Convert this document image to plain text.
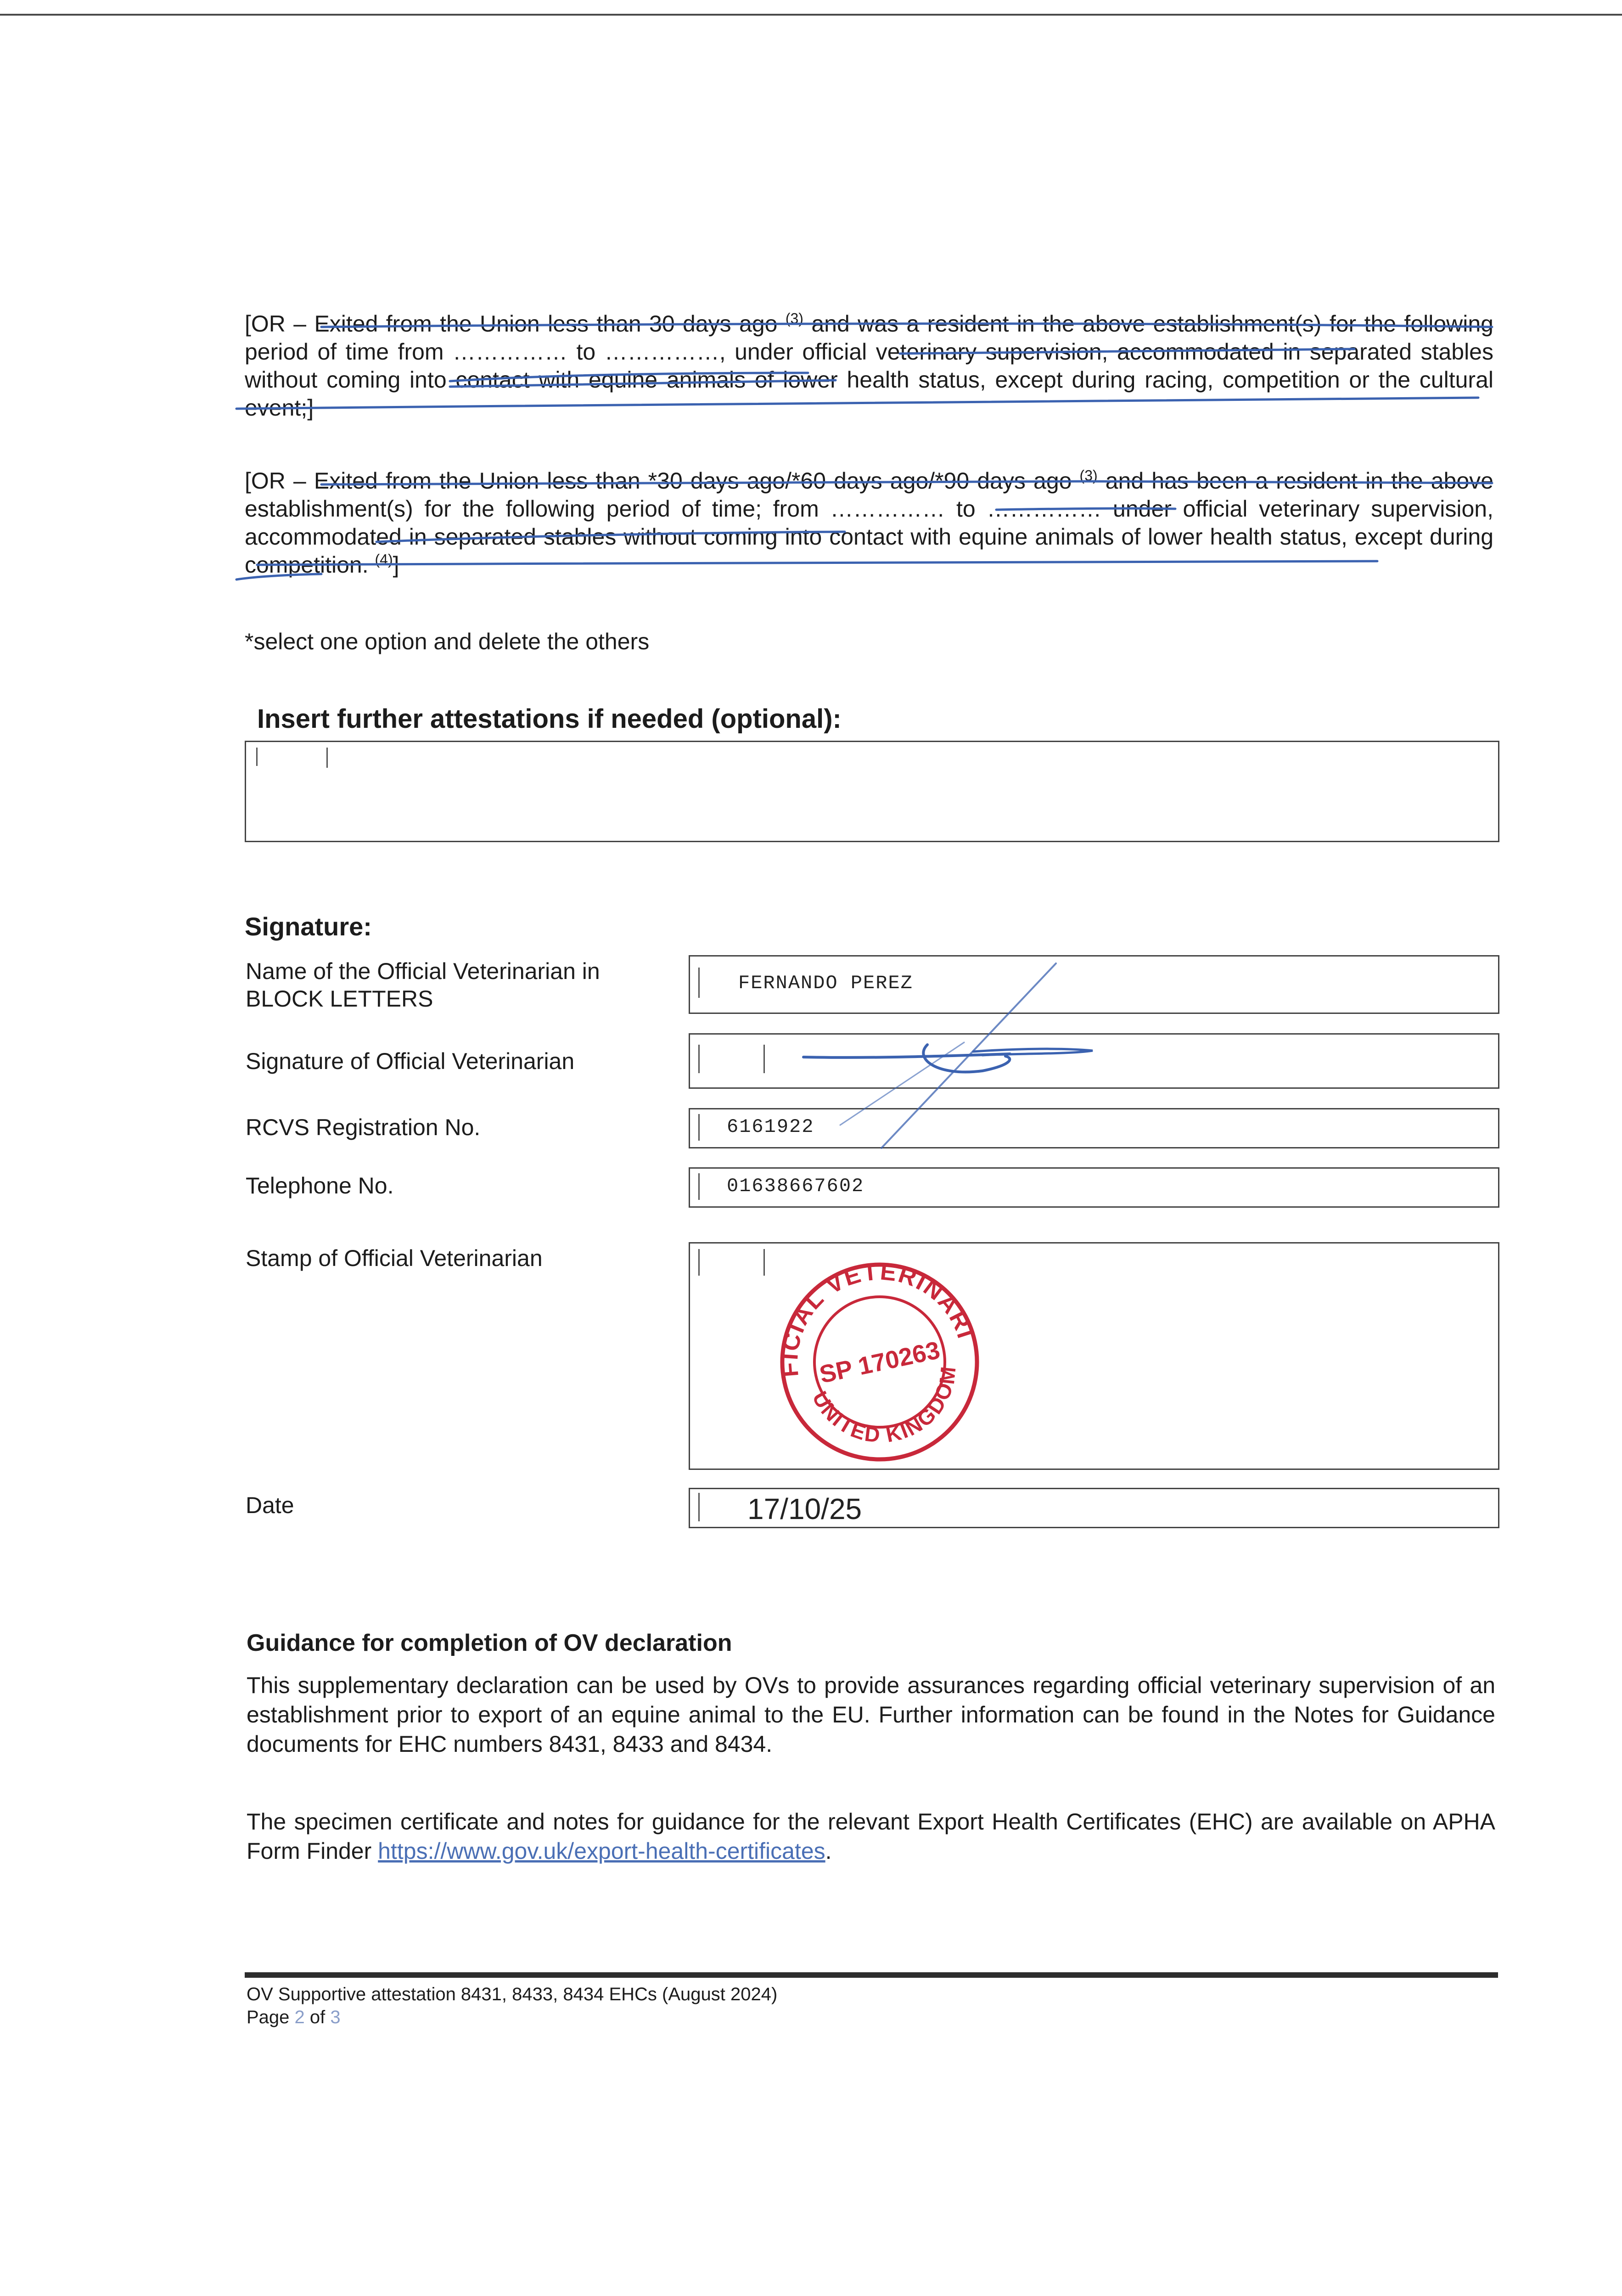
[OR – Exited from the Union less than 30 days ago $^{(3)}$ and was a resident in the above establishment(s) for the following period of time from …………… to ……………, under official veterinary supervision, accommodated in separated stables without coming into contact with equine animals of lower health status, except during racing, competition or the cultural event;]

[OR – Exited from the Union less than *30 days ago/*60 days ago/*90 days ago $^{(3)}$ and has been a resident in the above establishment(s) for the following period of time; from …………… to …………… under official veterinary supervision, accommodated in separated stables without coming into contact with equine animals of lower health status, except during competition. $^{(4)}$]

*select one option and delete the others
Insert further attestations if needed (optional):
Signature:
Name of the Official Veterinarian in
BLOCK LETTERS
FERNANDO PEREZ
Signature of Official Veterinarian
RCVS Registration No.	6161922
Telephone No.	01638667602
Stamp of Official Veterinarian
Date	17/10/25
Guidance for completion of OV declaration

This supplementary declaration can be used by OVs to provide assurances regarding official veterinary supervision of an establishment prior to export of an equine animal to the EU. Further information can be found in the Notes for Guidance documents for EHC numbers 8431, 8433 and 8434.

The specimen certificate and notes for guidance for the relevant Export Health Certificates (EHC) are available on APHA Form Finder https://www.gov.uk/export-health-certificates.

OV Supportive attestation 8431, 8433, 8434 EHCs (August 2024)
Page 2 of 3
OFFICIAL VETERINARIAN
UNITED KINGDOM
SP 170263
